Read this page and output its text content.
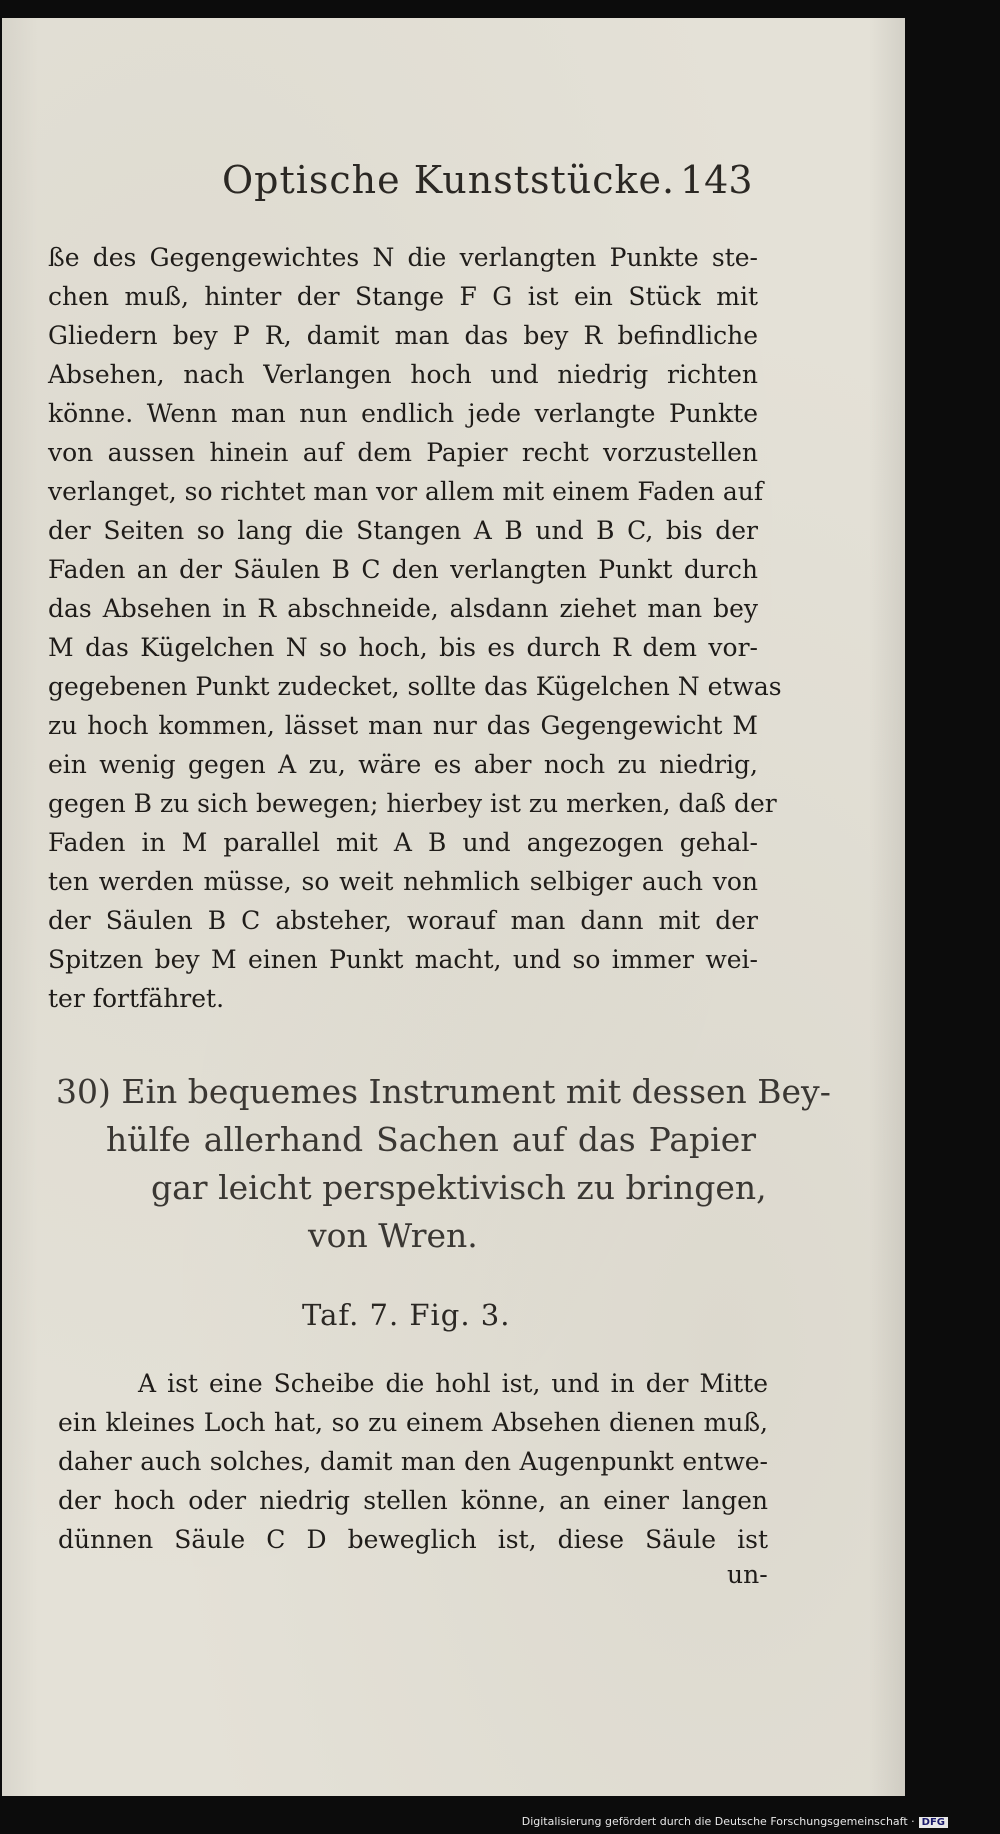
Optische Kunststücke. 143
ße des Gegengewichtes N die verlangten Punkte ste-
chen muß, hinter der Stange F G ist ein Stück mit
Gliedern bey P R, damit man das bey R befindliche
Absehen, nach Verlangen hoch und niedrig richten
könne. Wenn man nun endlich jede verlangte Punkte
von aussen hinein auf dem Papier recht vorzustellen
verlanget, so richtet man vor allem mit einem Faden auf
der Seiten so lang die Stangen A B und B C, bis der
Faden an der Säulen B C den verlangten Punkt durch
das Absehen in R abschneide, alsdann ziehet man bey
M das Kügelchen N so hoch, bis es durch R dem vor-
gegebenen Punkt zudecket, sollte das Kügelchen N etwas
zu hoch kommen, lässet man nur das Gegengewicht M
ein wenig gegen A zu, wäre es aber noch zu niedrig,
gegen B zu sich bewegen; hierbey ist zu merken, daß der
Faden in M parallel mit A B und angezogen gehal-
ten werden müsse, so weit nehmlich selbiger auch von
der Säulen B C absteher, worauf man dann mit der
Spitzen bey M einen Punkt macht, und so immer wei-
ter fortfähret.
30) Ein bequemes Instrument mit dessen Bey-
hülfe allerhand Sachen auf das Papier
gar leicht perspektivisch zu bringen,
von Wren.
Taf. 7. Fig. 3.
A ist eine Scheibe die hohl ist, und in der Mitte
ein kleines Loch hat, so zu einem Absehen dienen muß,
daher auch solches, damit man den Augenpunkt entwe-
der hoch oder niedrig stellen könne, an einer langen
dünnen Säule C D beweglich ist, diese Säule ist
un-
Digitalisierung gefördert durch die Deutsche Forschungsgemeinschaft · DFG
